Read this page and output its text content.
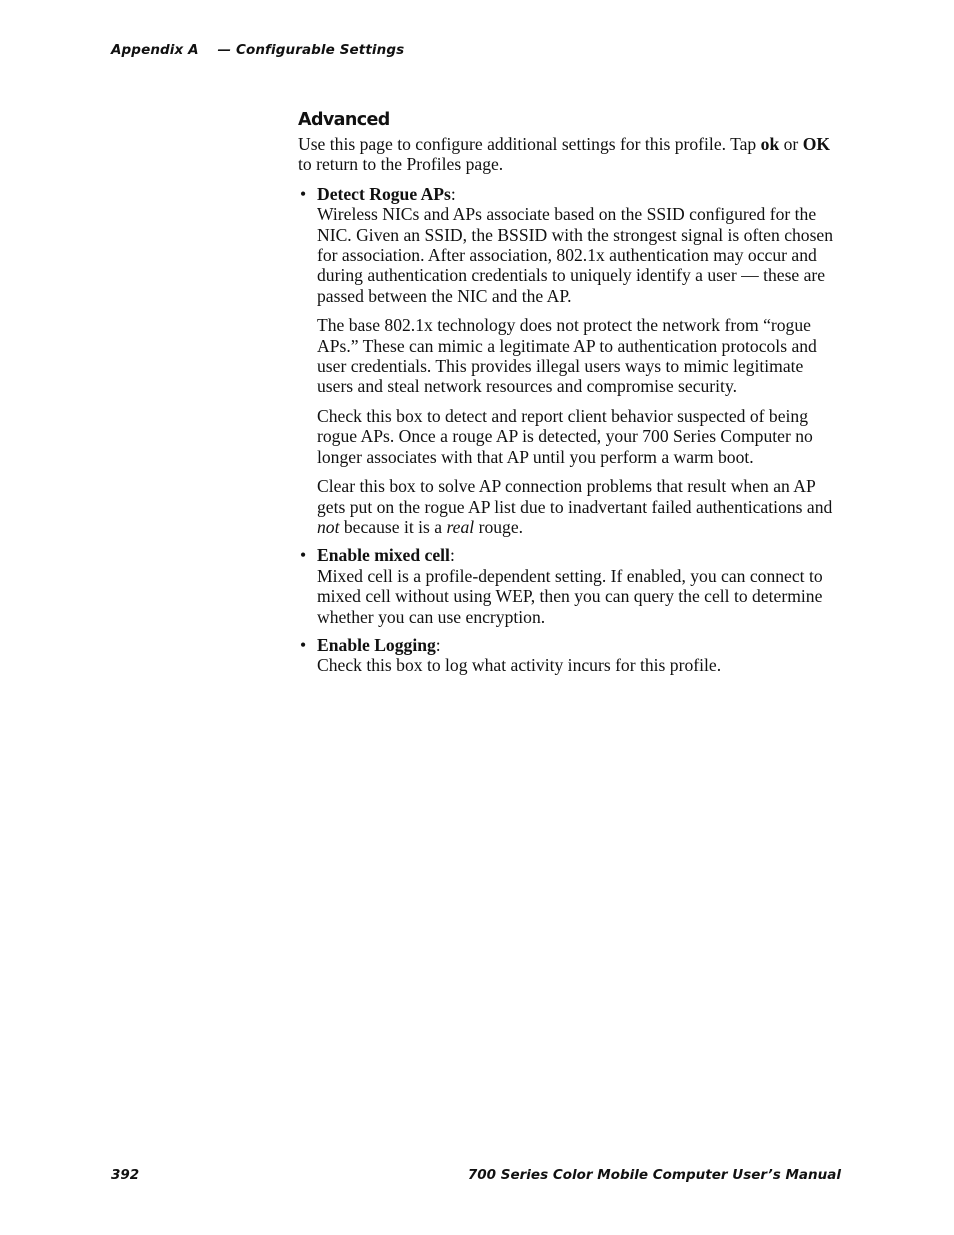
Appendix A — Configurable Settings
Advanced

Use this page to configure additional settings for this profile. Tap ok or OK to return to the Profiles page.

• Detect Rogue APs:
Wireless NICs and APs associate based on the SSID configured for the NIC. Given an SSID, the BSSID with the strongest signal is often chosen for association. After association, 802.1x authentication may occur and during authentication credentials to uniquely identify a user — these are passed between the NIC and the AP.
The base 802.1x technology does not protect the network from “rogue APs.” These can mimic a legitimate AP to authentication protocols and user credentials. This provides illegal users ways to mimic legitimate users and steal network resources and compromise security.
Check this box to detect and report client behavior suspected of being rogue APs. Once a rouge AP is detected, your 700 Series Computer no longer associates with that AP until you perform a warm boot.
Clear this box to solve AP connection problems that result when an AP gets put on the rogue AP list due to inadvertant failed authentications and not because it is a real rouge.
• Enable mixed cell:
Mixed cell is a profile-dependent setting. If enabled, you can connect to mixed cell without using WEP, then you can query the cell to determine whether you can use encryption.
• Enable Logging:
Check this box to log what activity incurs for this profile.
392	700 Series Color Mobile Computer User’s Manual
